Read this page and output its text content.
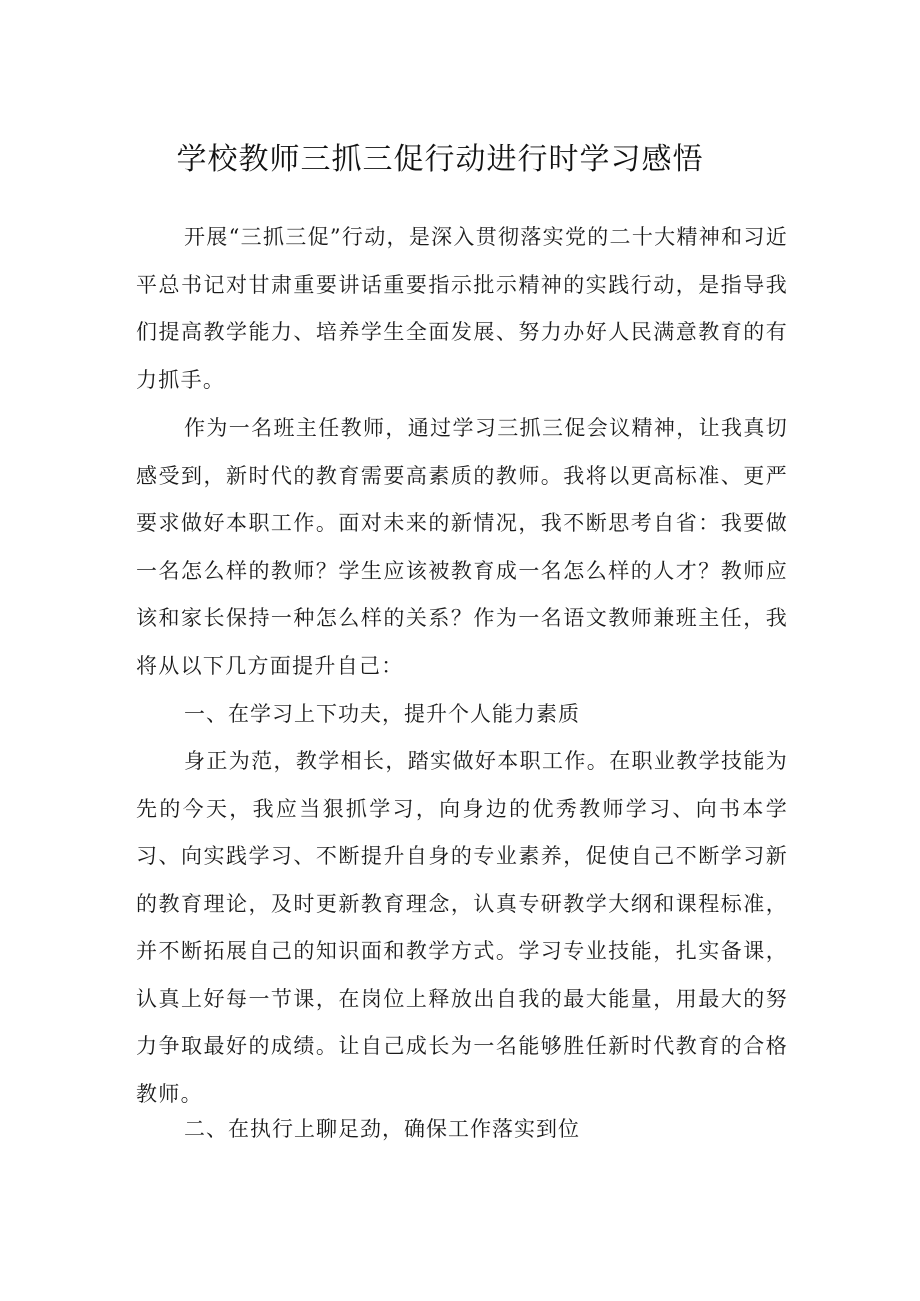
学校教师三抓三促行动进行时学习感悟

开展“三抓三促”行动，是深入贯彻落实党的二十大精神和习近平总书记对甘肃重要讲话重要指示批示精神的实践行动，是指导我们提高教学能力、培养学生全面发展、努力办好人民满意教育的有力抓手。

作为一名班主任教师，通过学习三抓三促会议精神，让我真切感受到，新时代的教育需要高素质的教师。我将以更高标准、更严要求做好本职工作。面对未来的新情况，我不断思考自省：我要做一名怎么样的教师？学生应该被教育成一名怎么样的人才？教师应该和家长保持一种怎么样的关系？作为一名语文教师兼班主任，我将从以下几方面提升自己：

一、在学习上下功夫，提升个人能力素质

身正为范，教学相长，踏实做好本职工作。在职业教学技能为先的今天，我应当狠抓学习，向身边的优秀教师学习、向书本学习、向实践学习、不断提升自身的专业素养，促使自己不断学习新的教育理论，及时更新教育理念，认真专研教学大纲和课程标准，并不断拓展自己的知识面和教学方式。学习专业技能，扎实备课，认真上好每一节课，在岗位上释放出自我的最大能量，用最大的努力争取最好的成绩。让自己成长为一名能够胜任新时代教育的合格教师。

二、在执行上聊足劲，确保工作落实到位
